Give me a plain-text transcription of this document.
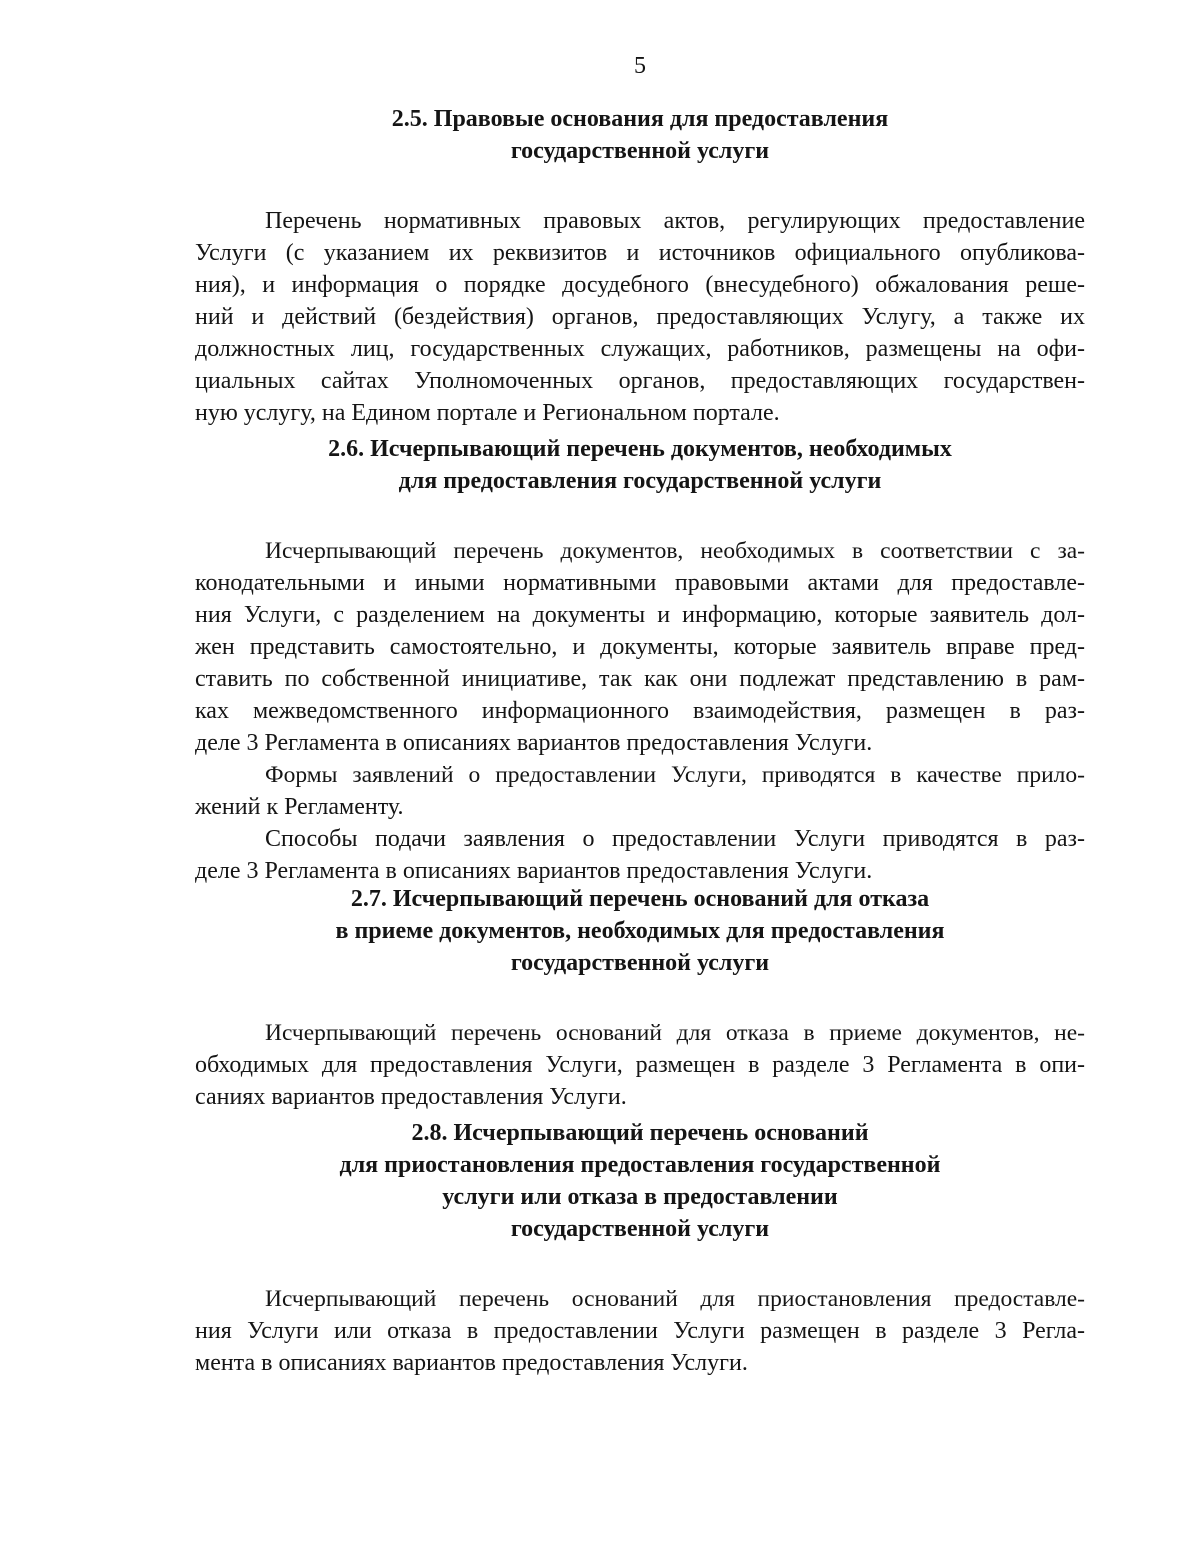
5
2.5. Правовые основания для предоставления
государственной услуги

Перечень нормативных правовых актов, регулирующих предоставление
Услуги (с указанием их реквизитов и источников официального опубликова-
ния), и информация о порядке досудебного (внесудебного) обжалования реше-
ний и действий (бездействия) органов, предоставляющих Услугу, а также их
должностных лиц, государственных служащих, работников, размещены на офи-
циальных сайтах Уполномоченных органов, предоставляющих государствен-
ную услугу, на Едином портале и Региональном портале.

2.6. Исчерпывающий перечень документов, необходимых
для предоставления государственной услуги

Исчерпывающий перечень документов, необходимых в соответствии с за-
конодательными и иными нормативными правовыми актами для предоставле-
ния Услуги, с разделением на документы и информацию, которые заявитель дол-
жен представить самостоятельно, и документы, которые заявитель вправе пред-
ставить по собственной инициативе, так как они подлежат представлению в рам-
ках межведомственного информационного взаимодействия, размещен в раз-
деле 3 Регламента в описаниях вариантов предоставления Услуги.

Формы заявлений о предоставлении Услуги, приводятся в качестве прило-
жений к Регламенту.

Способы подачи заявления о предоставлении Услуги приводятся в раз-
деле 3 Регламента в описаниях вариантов предоставления Услуги.

2.7. Исчерпывающий перечень оснований для отказа
в приеме документов, необходимых для предоставления
государственной услуги

Исчерпывающий перечень оснований для отказа в приеме документов, не-
обходимых для предоставления Услуги, размещен в разделе 3 Регламента в опи-
саниях вариантов предоставления Услуги.

2.8. Исчерпывающий перечень оснований
для приостановления предоставления государственной
услуги или отказа в предоставлении
государственной услуги

Исчерпывающий перечень оснований для приостановления предоставле-
ния Услуги или отказа в предоставлении Услуги размещен в разделе 3 Регла-
мента в описаниях вариантов предоставления Услуги.
